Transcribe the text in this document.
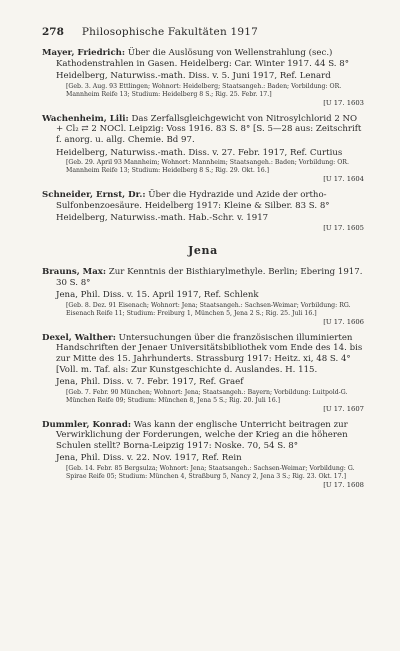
278 Philosophische Fakultäten 1917
Mayer, Friedrich: Über die Auslösung von Wellenstrahlung (sec.) Kathodenstrahlen in Gasen. Heidelberg: Car. Winter 1917. 44 S. 8°
Heidelberg, Naturwiss.-math. Diss. v. 5. Juni 1917, Ref. Lenard
[Geb. 3. Aug. 93 Ettlingen; Wohnort: Heidelberg; Staatsangeh.: Baden; Vorbildung: OR. Mannheim Reife 13; Studium: Heidelberg 8 S.; Rig. 25. Febr. 17.]
[U 17. 1603
Wachenheim, Lili: Das Zerfallsgleichgewicht von Nitrosylchlorid 2 NO + Cl₂ ⇄ 2 NOCl. Leipzig: Voss 1916. 83 S. 8° [S. 5—28 aus: Zeitschrift f. anorg. u. allg. Chemie. Bd 97.
Heidelberg, Naturwiss.-math. Diss. v. 27. Febr. 1917, Ref. Curtius
[Geb. 29. April 93 Mannheim; Wohnort: Mannheim; Staatsangeh.: Baden; Vorbildung: OR. Mannheim Reife 13; Studium: Heidelberg 8 S.; Rig. 29. Okt. 16.]
[U 17. 1604
Schneider, Ernst, Dr.: Über die Hydrazide und Azide der ortho-Sulfonbenzoesäure. Heidelberg 1917: Kleine & Silber. 83 S. 8°
Heidelberg, Naturwiss.-math. Hab.-Schr. v. 1917
[U 17. 1605
Jena
Brauns, Max: Zur Kenntnis der Bisthiarylmethyle. Berlin; Ebering 1917. 30 S. 8°
Jena, Phil. Diss. v. 15. April 1917, Ref. Schlenk
[Geb. 8. Dez. 91 Eisenach; Wohnort: Jena; Staatsangeh.: Sachsen-Weimar; Vorbildung: RG. Eisenach Reife 11; Studium: Freiburg 1, München 5, Jena 2 S.; Rig. 25. Juli 16.]
[U 17. 1606
Dexel, Walther: Untersuchungen über die französischen illuminierten Handschriften der Jenaer Universitätsbibliothek vom Ende des 14. bis zur Mitte des 15. Jahrhunderts. Strassburg 1917: Heitz. xi, 48 S. 4° [Voll. m. Taf. als: Zur Kunstgeschichte d. Auslandes. H. 115.
Jena, Phil. Diss. v. 7. Febr. 1917, Ref. Graef
[Geb. 7. Febr. 90 München; Wohnort: Jena; Staatsangeh.: Bayern; Vorbildung: Luitpold-G. München Reife 09; Studium: München 8, Jena 5 S.; Rig. 20. Juli 16.]
[U 17. 1607
Dummler, Konrad: Was kann der englische Unterricht beitragen zur Verwirklichung der Forderungen, welche der Krieg an die höheren Schulen stellt? Borna-Leipzig 1917: Noske. 70, 54 S. 8°
Jena, Phil. Diss. v. 22. Nov. 1917, Ref. Rein
[Geb. 14. Febr. 85 Bergsulza; Wohnort: Jena; Staatsangeh.: Sachsen-Weimar; Vorbildung: G. Spirae Reife 05; Studium: München 4, Straßburg 5, Nancy 2, Jena 3 S.; Rig. 23. Okt. 17.]
[U 17. 1608
